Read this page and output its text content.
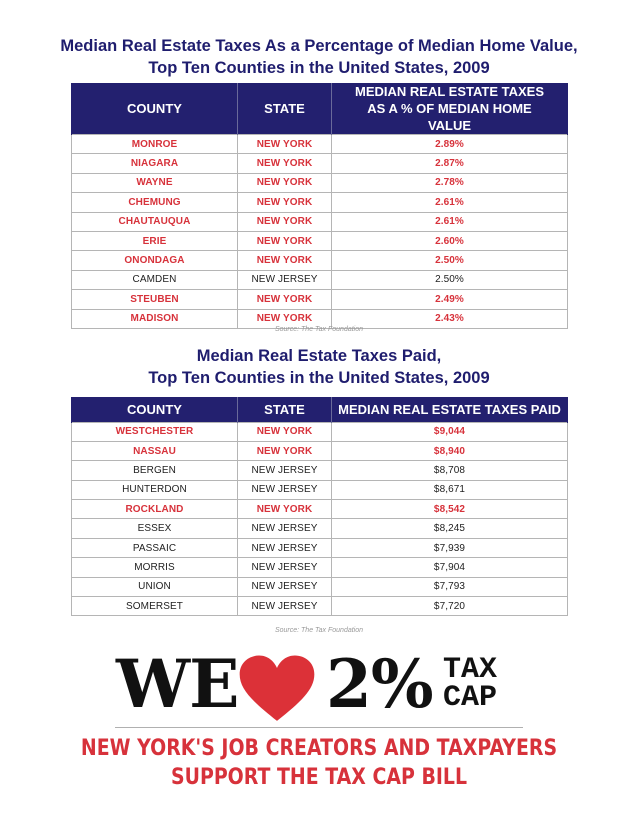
Median Real Estate Taxes As a Percentage of Median Home Value,
Top Ten Counties in the United States, 2009
COUNTY	STATE	MEDIAN REAL ESTATE TAXES AS A % OF MEDIAN HOME VALUE
MONROE	NEW YORK	2.89%
NIAGARA	NEW YORK	2.87%
WAYNE	NEW YORK	2.78%
CHEMUNG	NEW YORK	2.61%
CHAUTAUQUA	NEW YORK	2.61%
ERIE	NEW YORK	2.60%
ONONDAGA	NEW YORK	2.50%
CAMDEN	NEW JERSEY	2.50%
STEUBEN	NEW YORK	2.49%
MADISON	NEW YORK	2.43%
Source: The Tax Foundation
Median Real Estate Taxes Paid,
Top Ten Counties in the United States, 2009
COUNTY	STATE	MEDIAN REAL ESTATE TAXES PAID
WESTCHESTER	NEW YORK	$9,044
NASSAU	NEW YORK	$8,940
BERGEN	NEW JERSEY	$8,708
HUNTERDON	NEW JERSEY	$8,671
ROCKLAND	NEW YORK	$8,542
ESSEX	NEW JERSEY	$8,245
PASSAIC	NEW JERSEY	$7,939
MORRIS	NEW JERSEY	$7,904
UNION	NEW JERSEY	$7,793
SOMERSET	NEW JERSEY	$7,720
Source: The Tax Foundation
WE 2% TAX
CAP
NEW YORK'S JOB CREATORS AND TAXPAYERS
SUPPORT THE TAX CAP BILL
